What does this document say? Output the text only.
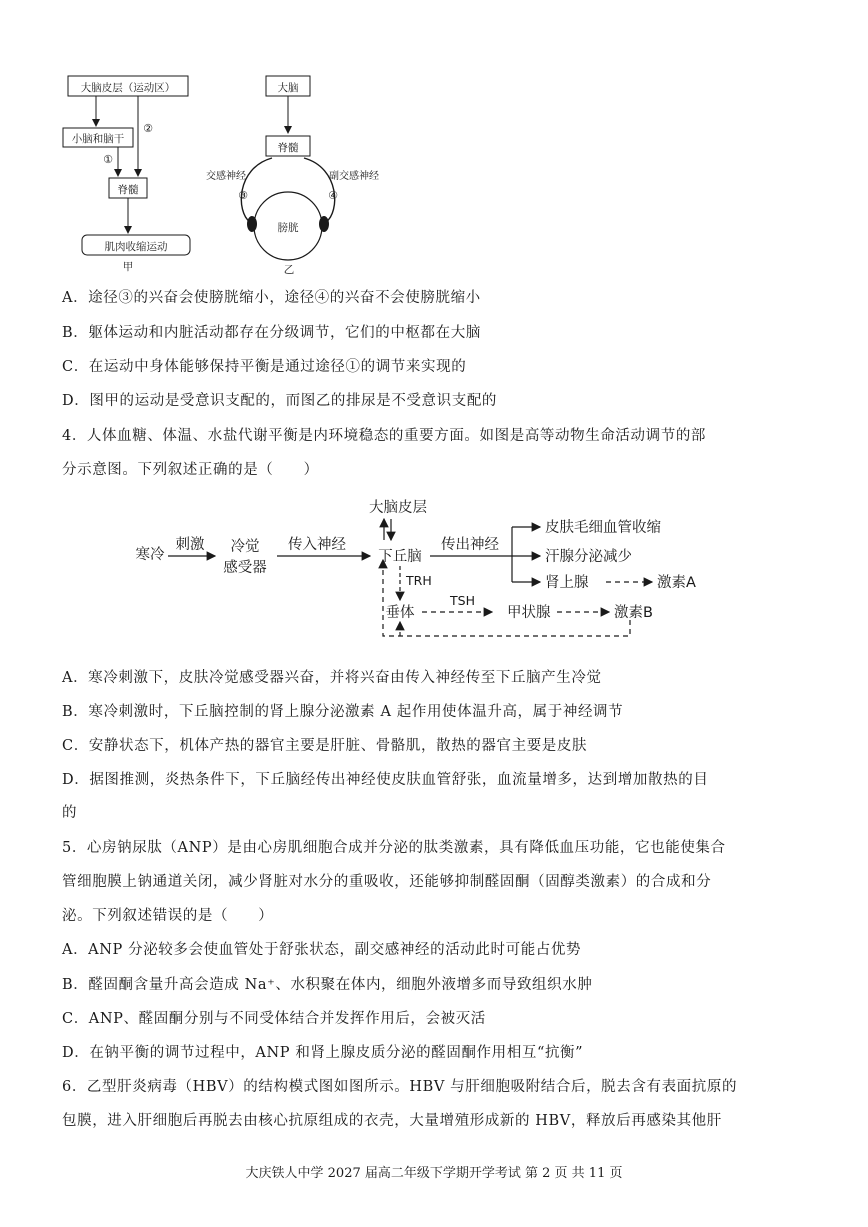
大脑皮层（运动区）
小脑和脑干
脊髓
肌肉收缩运动
①
②
甲
大脑
脊髓
膀胱
交感神经	副交感神经
③	④
乙
A．途径③的兴奋会使膀胱缩小，途径④的兴奋不会使膀胱缩小
B．躯体运动和内脏活动都存在分级调节，它们的中枢都在大脑
C．在运动中身体能够保持平衡是通过途径①的调节来实现的
D．图甲的运动是受意识支配的，而图乙的排尿是不受意识支配的
4．人体血糖、体温、水盐代谢平衡是内环境稳态的重要方面。如图是高等动物生命活动调节的部
分示意图。下列叙述正确的是（　　）
寒冷
刺激 冷觉
感受器
传入神经
大脑皮层
下丘脑
传出神经
皮肤毛细血管收缩
汗腺分泌减少
肾上腺	激素A
TRH
垂体
TSH
甲状腺	激素B
A．寒冷刺激下，皮肤冷觉感受器兴奋，并将兴奋由传入神经传至下丘脑产生冷觉
B．寒冷刺激时，下丘脑控制的肾上腺分泌激素 A 起作用使体温升高，属于神经调节
C．安静状态下，机体产热的器官主要是肝脏、骨骼肌，散热的器官主要是皮肤
D．据图推测，炎热条件下，下丘脑经传出神经使皮肤血管舒张，血流量增多，达到增加散热的目
的
5．心房钠尿肽（ANP）是由心房肌细胞合成并分泌的肽类激素，具有降低血压功能，它也能使集合
管细胞膜上钠通道关闭，减少肾脏对水分的重吸收，还能够抑制醛固酮（固醇类激素）的合成和分
泌。下列叙述错误的是（　　）
A．ANP 分泌较多会使血管处于舒张状态，副交感神经的活动此时可能占优势
B．醛固酮含量升高会造成 Na⁺、水积聚在体内，细胞外液增多而导致组织水肿
C．ANP、醛固酮分别与不同受体结合并发挥作用后，会被灭活
D．在钠平衡的调节过程中，ANP 和肾上腺皮质分泌的醛固酮作用相互“抗衡”
6．乙型肝炎病毒（HBV）的结构模式图如图所示。HBV 与肝细胞吸附结合后，脱去含有表面抗原的
包膜，进入肝细胞后再脱去由核心抗原组成的衣壳，大量增殖形成新的 HBV，释放后再感染其他肝
大庆铁人中学 2027 届高二年级下学期开学考试 第 2 页 共 11 页
